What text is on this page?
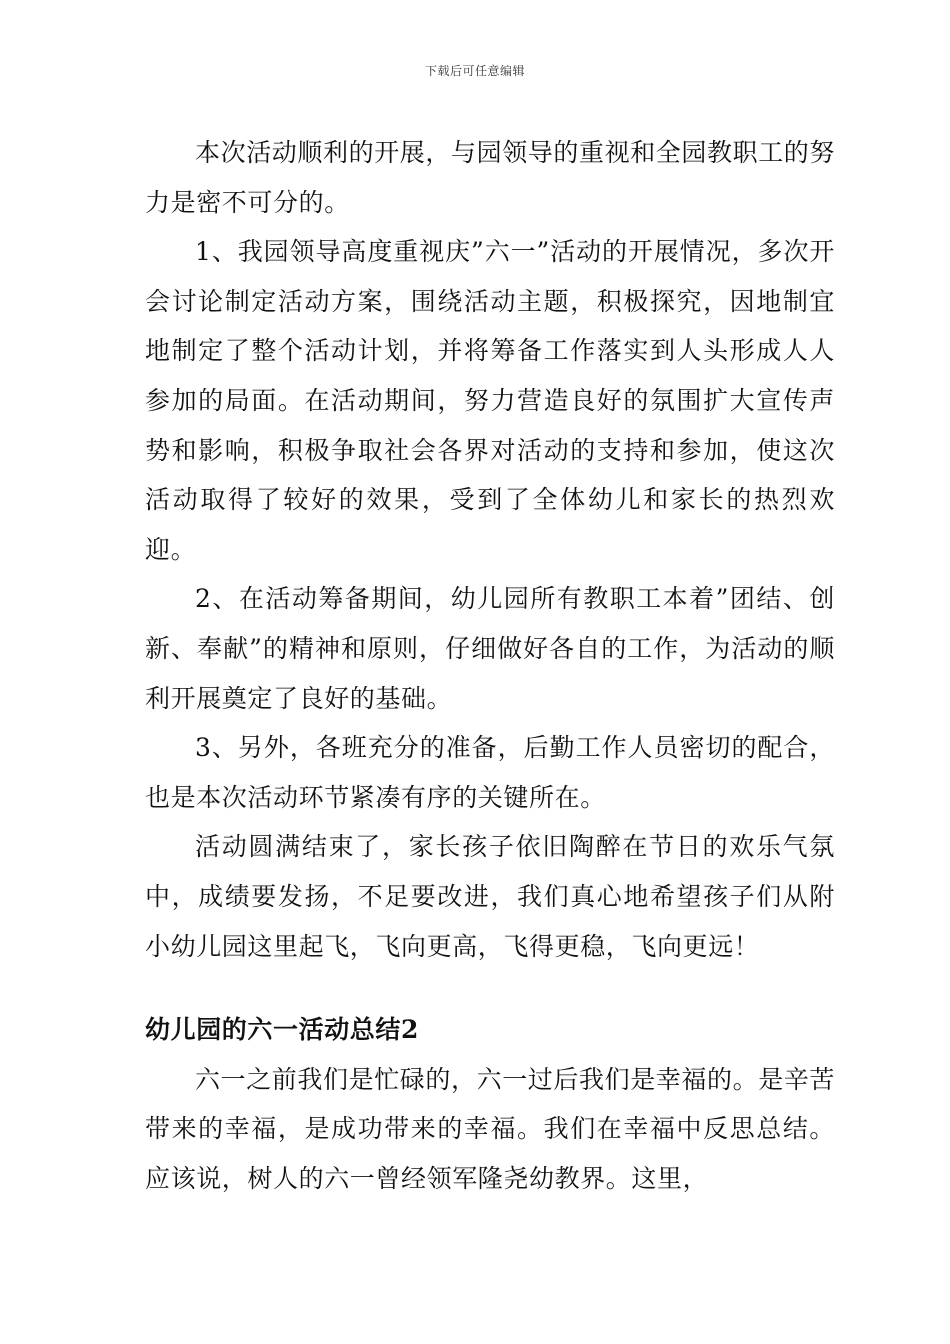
下载后可任意编辑

本次活动顺利的开展，与园领导的重视和全园教职工的努力是密不可分的。

1、我园领导高度重视庆”六一”活动的开展情况，多次开会讨论制定活动方案，围绕活动主题，积极探究，因地制宜地制定了整个活动计划，并将筹备工作落实到人头形成人人参加的局面。在活动期间，努力营造良好的氛围扩大宣传声势和影响，积极争取社会各界对活动的支持和参加，使这次活动取得了较好的效果，受到了全体幼儿和家长的热烈欢迎。

2、在活动筹备期间，幼儿园所有教职工本着”团结、创新、奉献”的精神和原则，仔细做好各自的工作，为活动的顺利开展奠定了良好的基础。

3、另外，各班充分的准备，后勤工作人员密切的配合，也是本次活动环节紧凑有序的关键所在。

活动圆满结束了，家长孩子依旧陶醉在节日的欢乐气氛中，成绩要发扬，不足要改进，我们真心地希望孩子们从附小幼儿园这里起飞，飞向更高，飞得更稳，飞向更远！

幼儿园的六一活动总结2

六一之前我们是忙碌的，六一过后我们是幸福的。是辛苦带来的幸福，是成功带来的幸福。我们在幸福中反思总结。应该说，树人的六一曾经领军隆尧幼教界。这里，
